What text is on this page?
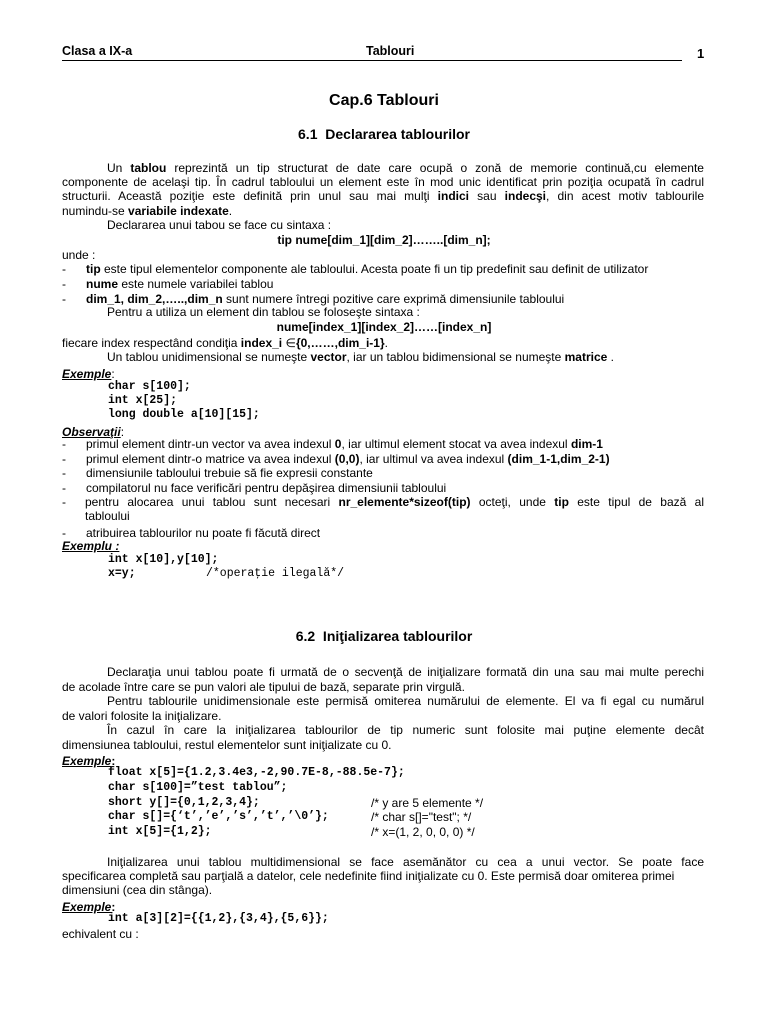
Clasa a IX-a	Tablouri	1
Cap.6 Tablouri
6.1  Declararea tablourilor
Un tablou reprezintă un tip structurat de date care ocupă o zonă de memorie continuă,cu elemente
componente de acelaşi tip. În cadrul tabloului un element este în mod unic identificat prin poziţia ocupată în cadrul
structurii. Această poziţie este definită prin unul sau mai mulţi indici sau indecşi, din acest motiv tablourile
numindu-se variabile indexate.
Declararea unui tabou se face cu sintaxa :
tip nume[dim_1][dim_2]……..[dim_n];
unde :
-      tip este tipul elementelor componente ale tabloului. Acesta poate fi un tip predefinit sau definit de utilizator
-      nume este numele variabilei tablou
-      dim_1, dim_2,…..,dim_n sunt numere întregi pozitive care exprimă dimensiunile tabloului
Pentru a utiliza un element din tablou se foloseşte sintaxa :
nume[index_1][index_2]……[index_n]
fiecare index respectând condiţia index_i ∈{0,……,dim_i-1}.
Un tablou unidimensional se numeşte vector, iar un tablou bidimensional se numeşte matrice .
Exemple:
char s[100];
int x[25];
long double a[10][15];
Observaţii:
-      primul element dintr-un vector va avea indexul 0, iar ultimul element stocat va avea indexul dim-1
-      primul element dintr-o matrice va avea indexul (0,0), iar ultimul va avea indexul (dim_1-1,dim_2-1)
-      dimensiunile tabloului trebuie să fie expresii constante
-      compilatorul nu face verificări pentru depăşirea dimensiunii tabloului
- pentru alocarea unui tablou sunt necesari nr_elemente*sizeof(tip) octeţi, unde tip este tipul de bază al
tabloului
-      atribuirea tablourilor nu poate fi făcută direct
Exemplu :
int x[10],y[10];
x=y;	/*operaţie ilegală*/
6.2  Iniţializarea tablourilor
Declaraţia unui tablou poate fi urmată de o secvenţă de iniţializare formată din una sau mai multe perechi
de acolade între care se pun valori ale tipului de bază, separate prin virgulă.
Pentru tablourile unidimensionale este permisă omiterea numărului de elemente. El va fi egal cu numărul
de valori folosite la iniţializare.
În cazul în care la iniţializarea tablourilor de tip numeric sunt folosite mai puţine elemente decât
dimensiunea tabloului, restul elementelor sunt iniţializate cu 0.
Exemple:
float x[5]={1.2,3.4e3,-2,90.7E-8,-88.5e-7};
char s[100]=”test tablou”;
short y[]={0,1,2,3,4};	/* y are 5 elemente */
char s[]={‘t’,’e’,’s’,’t’,’\0’};	/* char s[]="test"; */
int x[5]={1,2};	/* x=(1, 2, 0, 0, 0) */
Iniţializarea unui tablou multidimensional se face asemănător cu cea a unui vector. Se poate face
specificarea completă sau parţială a datelor, cele nedefinite fiind iniţializate cu 0. Este permisă doar omiterea primei
dimensiuni (cea din stânga).
Exemple:
int a[3][2]={{1,2},{3,4},{5,6}};
echivalent cu :
